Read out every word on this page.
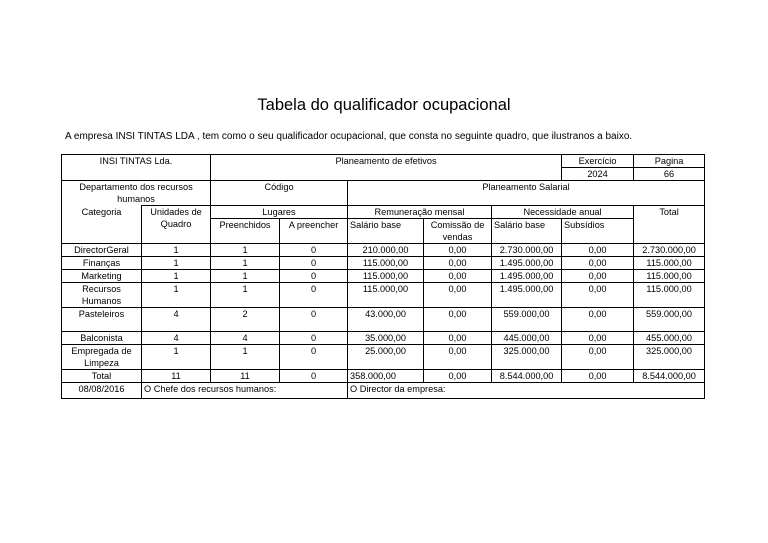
Tabela do qualificador ocupacional
A empresa INSI TINTAS LDA , tem como o seu qualificador ocupacional, que consta no seguinte quadro, que ilustranos a baixo.
INSI TINTAS Lda.		Planeamento de efetivos					Exercício	Pagina
							2024	66
Departamento dos recursos humanos		Código		Planeamento Salarial				
Categoria	Unidades de Quadro	Lugares		Remuneração mensal		Necessidade anual		Total
		Preenchidos	A preencher	Salário base	Comissão de vendas	Salário base	Subsídios	
DirectorGeral	1	1	0	210.000,00	0,00	2.730.000,00	0,00	2.730.000,00
Finanças	1	1	0	115.000,00	0,00	1.495.000,00	0,00	115.000,00
Marketing	1	1	0	115.000,00	0,00	1.495.000,00	0,00	115.000,00
Recursos Humanos	1	1	0	115.000,00	0,00	1.495.000,00	0,00	115.000,00
Pasteleiros	4	2	0	43.000,00	0,00	559.000,00	0,00	559.000,00
Balconista	4	4	0	35.000,00	0,00	445.000,00	0,00	455.000,00
Empregada de Limpeza	1	1	0	25.000,00	0,00	325.000,00	0,00	325.000,00
Total	11	11	0	358.000,00	0,00	8.544.000,00	0,00	8.544.000,00
08/08/2016	O Chefe dos recursos humanos:			O Director da empresa:				
